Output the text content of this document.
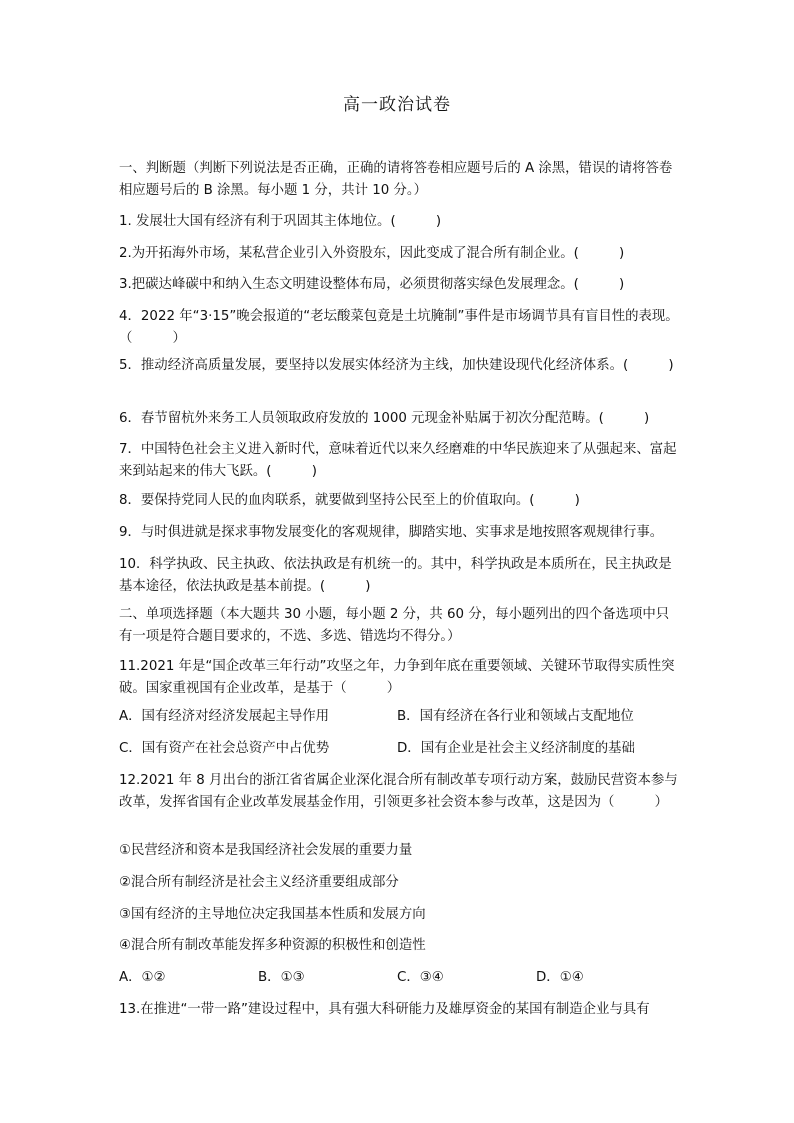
高一政治试卷
一、判断题（判断下列说法是否正确，正确的请将答卷相应题号后的 A 涂黑，错误的请将答卷相应题号后的 B 涂黑。每小题 1 分，共计 10 分。）
1. 发展壮大国有经济有利于巩固其主体地位。(　　　)
2.为开拓海外市场，某私营企业引入外资股东，因此变成了混合所有制企业。(　　　)
3.把碳达峰碳中和纳入生态文明建设整体布局，必须贯彻落实绿色发展理念。(　　　)
4．2022 年“3·15”晚会报道的“老坛酸菜包竟是土坑腌制”事件是市场调节具有盲目性的表现。（　　　）
5．推动经济高质量发展，要坚持以发展实体经济为主线，加快建设现代化经济体系。(　　　)
6．春节留杭外来务工人员领取政府发放的 1000 元现金补贴属于初次分配范畴。(　　　)
7．中国特色社会主义进入新时代，意味着近代以来久经磨难的中华民族迎来了从强起来、富起来到站起来的伟大飞跃。(　　　)
8．要保持党同人民的血肉联系，就要做到坚持公民至上的价值取向。(　　　)
9．与时俱进就是探求事物发展变化的客观规律，脚踏实地、实事求是地按照客观规律行事。
10．科学执政、民主执政、依法执政是有机统一的。其中，科学执政是本质所在，民主执政是基本途径，依法执政是基本前提。(　　　)
二、单项选择题（本大题共 30 小题，每小题 2 分，共 60 分，每小题列出的四个备选项中只有一项是符合题目要求的，不选、多选、错选均不得分。）
11.2021 年是“国企改革三年行动”攻坚之年，力争到年底在重要领域、关键环节取得实质性突破。国家重视国有企业改革，是基于（　　　）
A．国有经济对经济发展起主导作用	B．国有经济在各行业和领域占支配地位
C．国有资产在社会总资产中占优势	D．国有企业是社会主义经济制度的基础
12.2021 年 8 月出台的浙江省省属企业深化混合所有制改革专项行动方案，鼓励民营资本参与改革，发挥省国有企业改革发展基金作用，引领更多社会资本参与改革，这是因为（　　　）
①民营经济和资本是我国经济社会发展的重要力量
②混合所有制经济是社会主义经济重要组成部分
③国有经济的主导地位决定我国基本性质和发展方向
④混合所有制改革能发挥多种资源的积极性和创造性
A．①②	B．①③	C．③④	D．①④
13.在推进“一带一路”建设过程中，具有强大科研能力及雄厚资金的某国有制造企业与具有
